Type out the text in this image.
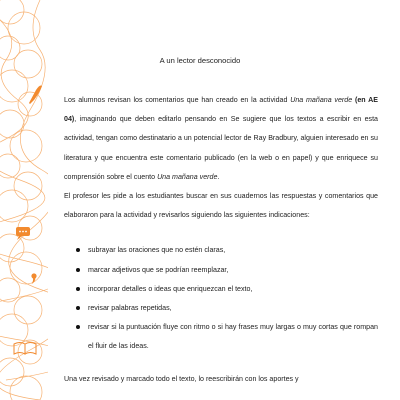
A un lector desconocido

Los alumnos revisan los comentarios que han creado en la actividad Una mañana verde (en AE 04), imaginando que deben editarlo pensando en Se sugiere que los textos a escribir en esta actividad, tengan como destinatario a un potencial lector de Ray Bradbury, alguien interesado en su literatura y que encuentra este comentario publicado (en la web o en papel) y que enriquece su comprensión sobre el cuento Una mañana verde.

El profesor les pide a los estudiantes buscar en sus cuadernos las respuestas y comentarios que elaboraron para la actividad y revisarlos siguiendo las siguientes indicaciones:

subrayar las oraciones que no estén claras,
marcar adjetivos que se podrían reemplazar,
incorporar detalles o ideas que enriquezcan el texto,
revisar palabras repetidas,
revisar si la puntuación fluye con ritmo o si hay frases muy largas o muy cortas que rompan el fluir de las ideas.
Una vez revisado y marcado todo el texto, lo reescribirán con los aportes y
